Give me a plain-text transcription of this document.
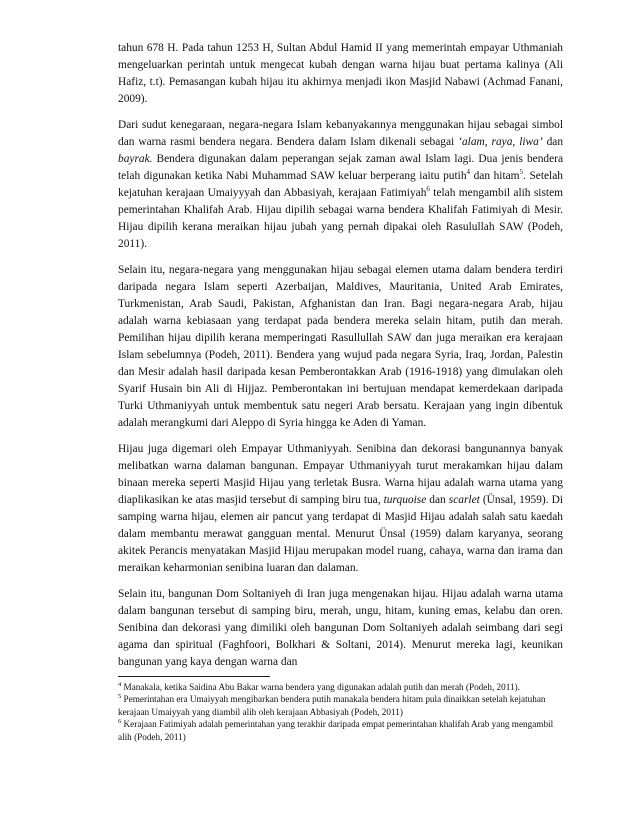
tahun 678 H. Pada tahun 1253 H, Sultan Abdul Hamid II yang memerintah empayar Uthmaniah mengeluarkan perintah untuk mengecat kubah dengan warna hijau buat pertama kalinya (Ali Hafiz, t.t). Pemasangan kubah hijau itu akhirnya menjadi ikon Masjid Nabawi (Achmad Fanani, 2009).

Dari sudut kenegaraan, negara-negara Islam kebanyakannya menggunakan hijau sebagai simbol dan warna rasmi bendera negara. Bendera dalam Islam dikenali sebagai ‘alam, raya, liwa’ dan bayrak. Bendera digunakan dalam peperangan sejak zaman awal Islam lagi. Dua jenis bendera telah digunakan ketika Nabi Muhammad SAW keluar berperang iaitu putih$^4$ dan hitam$^5$. Setelah kejatuhan kerajaan Umaiyyyah dan Abbasiyah, kerajaan Fatimiyah$^6$ telah mengambil alih sistem pemerintahan Khalifah Arab. Hijau dipilih sebagai warna bendera Khalifah Fatimiyah di Mesir. Hijau dipilih kerana meraikan hijau jubah yang pernah dipakai oleh Rasulullah SAW (Podeh, 2011).

Selain itu, negara-negara yang menggunakan hijau sebagai elemen utama dalam bendera terdiri daripada negara Islam seperti Azerbaijan, Maldives, Mauritania, United Arab Emirates, Turkmenistan, Arab Saudi, Pakistan, Afghanistan dan Iran. Bagi negara-negara Arab, hijau adalah warna kebiasaan yang terdapat pada bendera mereka selain hitam, putih dan merah. Pemilihan hijau dipilih kerana memperingati Rasullullah SAW dan juga meraikan era kerajaan Islam sebelumnya (Podeh, 2011). Bendera yang wujud pada negara Syria, Iraq, Jordan, Palestin dan Mesir adalah hasil daripada kesan Pemberontakkan Arab (1916-1918) yang dimulakan oleh Syarif Husain bin Ali di Hijjaz. Pemberontakan ini bertujuan mendapat kemerdekaan daripada Turki Uthmaniyyah untuk membentuk satu negeri Arab bersatu. Kerajaan yang ingin dibentuk adalah merangkumi dari Aleppo di Syria hingga ke Aden di Yaman.

Hijau juga digemari oleh Empayar Uthmaniyyah. Senibina dan dekorasi bangunannya banyak melibatkan warna dalaman bangunan. Empayar Uthmaniyyah turut merakamkan hijau dalam binaan mereka seperti Masjid Hijau yang terletak Busra. Warna hijau adalah warna utama yang diaplikasikan ke atas masjid tersebut di samping biru tua, turquoise dan scarlet (Ünsal, 1959). Di samping warna hijau, elemen air pancut yang terdapat di Masjid Hijau adalah salah satu kaedah dalam membantu merawat gangguan mental. Menurut Ünsal (1959) dalam karyanya, seorang akitek Perancis menyatakan Masjid Hijau merupakan model ruang, cahaya, warna dan irama dan meraikan keharmonian senibina luaran dan dalaman.

Selain itu, bangunan Dom Soltaniyeh di Iran juga mengenakan hijau. Hijau adalah warna utama dalam bangunan tersebut di samping biru, merah, ungu, hitam, kuning emas, kelabu dan oren. Senibina dan dekorasi yang dimiliki oleh bangunan Dom Soltaniyeh adalah seimbang dari segi agama dan spiritual (Faghfoori, Bolkhari & Soltani, 2014). Menurut mereka lagi, keunikan bangunan yang kaya dengan warna dan

$^4$ Manakala, ketika Saidina Abu Bakar warna bendera yang digunakan adalah putih dan merah (Podeh, 2011).

$^5$ Pemerintahan era Umaiyyah mengibarkan bendera putih manakala bendera hitam pula dinaikkan setelah kejatuhan kerajaan Umaiyyah yang diambil alih oleh kerajaan Abbasiyah (Podeh, 2011)

$^6$ Kerajaan Fatimiyah adalah pemerintahan yang terakhir daripada empat pemerintahan khalifah Arab yang mengambil alih (Podeh, 2011)
